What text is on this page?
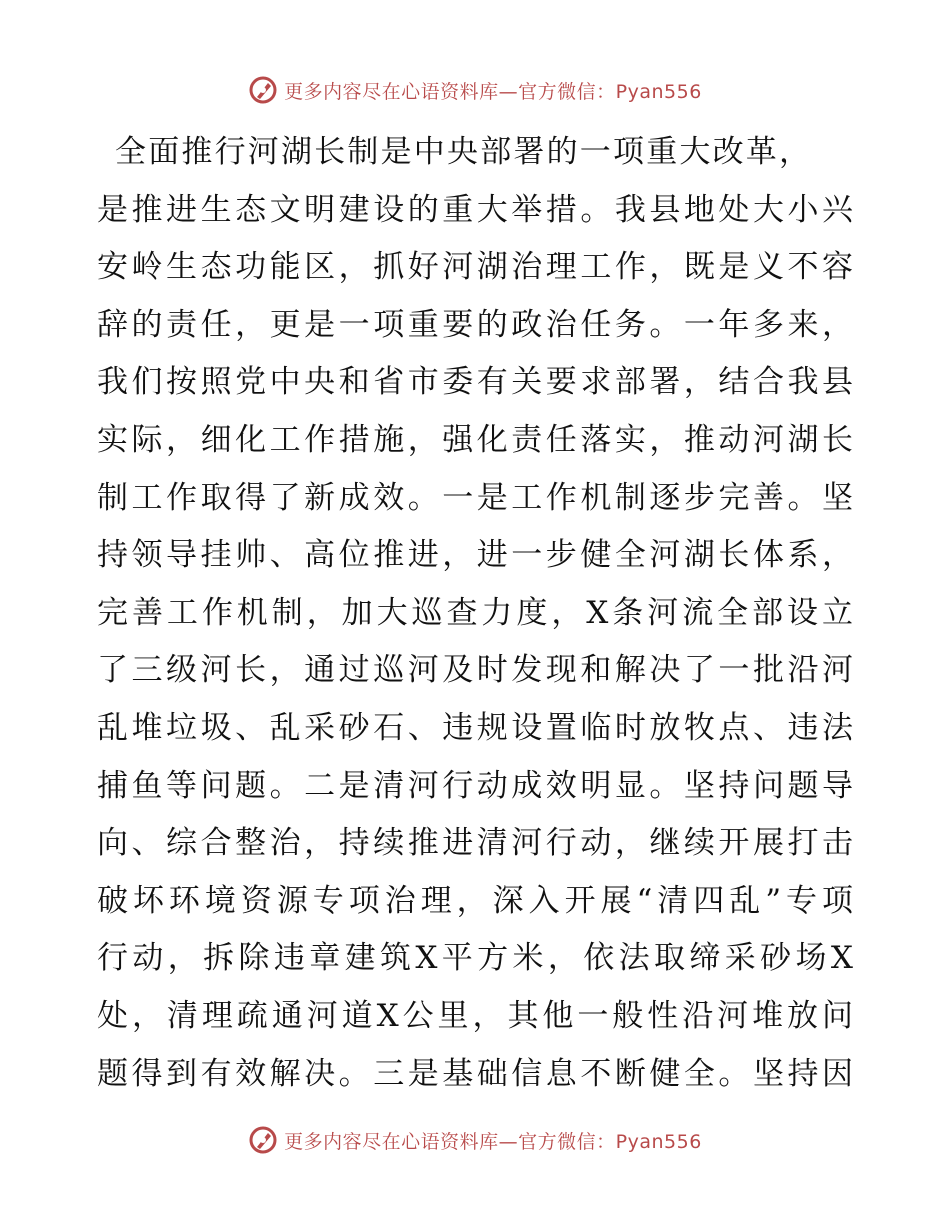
更多内容尽在心语资料库—官方微信：Pyan556
全面推行河湖长制是中央部署的一项重大改革，
是推进生态文明建设的重大举措。我县地处大小兴
安岭生态功能区，抓好河湖治理工作，既是义不容
辞的责任，更是一项重要的政治任务。一年多来，
我们按照党中央和省市委有关要求部署，结合我县
实际，细化工作措施，强化责任落实，推动河湖长
制工作取得了新成效。一是工作机制逐步完善。坚
持领导挂帅、高位推进，进一步健全河湖长体系，
完善工作机制，加大巡查力度，X条河流全部设立
了三级河长，通过巡河及时发现和解决了一批沿河
乱堆垃圾、乱采砂石、违规设置临时放牧点、违法
捕鱼等问题。二是清河行动成效明显。坚持问题导
向、综合整治，持续推进清河行动，继续开展打击
破坏环境资源专项治理，深入开展“清四乱”专项
行动，拆除违章建筑X平方米，依法取缔采砂场X
处，清理疏通河道X公里，其他一般性沿河堆放问
题得到有效解决。三是基础信息不断健全。坚持因
更多内容尽在心语资料库—官方微信：Pyan556
